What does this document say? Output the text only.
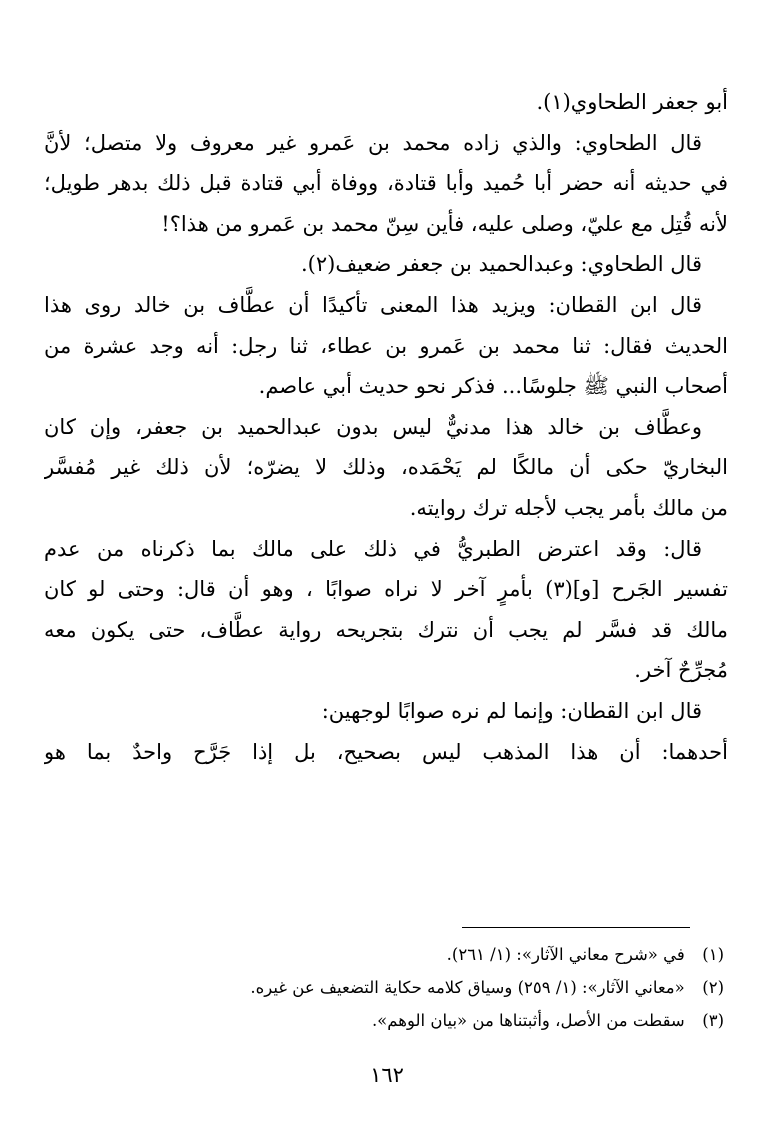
أبو جعفر الطحاوي(١).
قال الطحاوي: والذي زاده محمد بن عَمرو غير معروف ولا متصل؛ لأنَّ
في حديثه أنه حضر أبا حُميد وأبا قتادة، ووفاة أبي قتادة قبل ذلك بدهر طويل؛
لأنه قُتِل مع عليّ، وصلى عليه، فأين سِنّ محمد بن عَمرو من هذا؟!
قال الطحاوي: وعبدالحميد بن جعفر ضعيف(٢).
قال ابن القطان: ويزيد هذا المعنى تأكيدًا أن عطَّاف بن خالد روى هذا
الحديث فقال: ثنا محمد بن عَمرو بن عطاء، ثنا رجل: أنه وجد عشرة من
أصحاب النبي ﷺ جلوسًا... فذكر نحو حديث أبي عاصم.
وعطَّاف بن خالد هذا مدنيٌّ ليس بدون عبدالحميد بن جعفر، وإن كان
البخاريّ حكى أن مالكًا لم يَحْمَده، وذلك لا يضرّه؛ لأن ذلك غير مُفسَّر
من مالك بأمر يجب لأجله ترك روايته.
قال: وقد اعترض الطبريُّ في ذلك على مالك بما ذكرناه من عدم
تفسير الجَرح [و](٣) بأمرٍ آخر لا نراه صوابًا ، وهو أن قال: وحتى لو كان
مالك قد فسَّر لم يجب أن نترك بتجريحه رواية عطَّاف، حتى يكون معه
مُجرِّحٌ آخر.
قال ابن القطان: وإنما لم نره صوابًا لوجهين:
أحدهما: أن هذا المذهب ليس بصحيح، بل إذا جَرَّح واحدٌ بما هو
(١) في «شرح معاني الآثار»: (١/ ٢٦١).
(٢) «معاني الآثار»: (١/ ٢٥٩) وسياق كلامه حكاية التضعيف عن غيره.
(٣) سقطت من الأصل، وأثبتناها من «بيان الوهم».
١٦٢
